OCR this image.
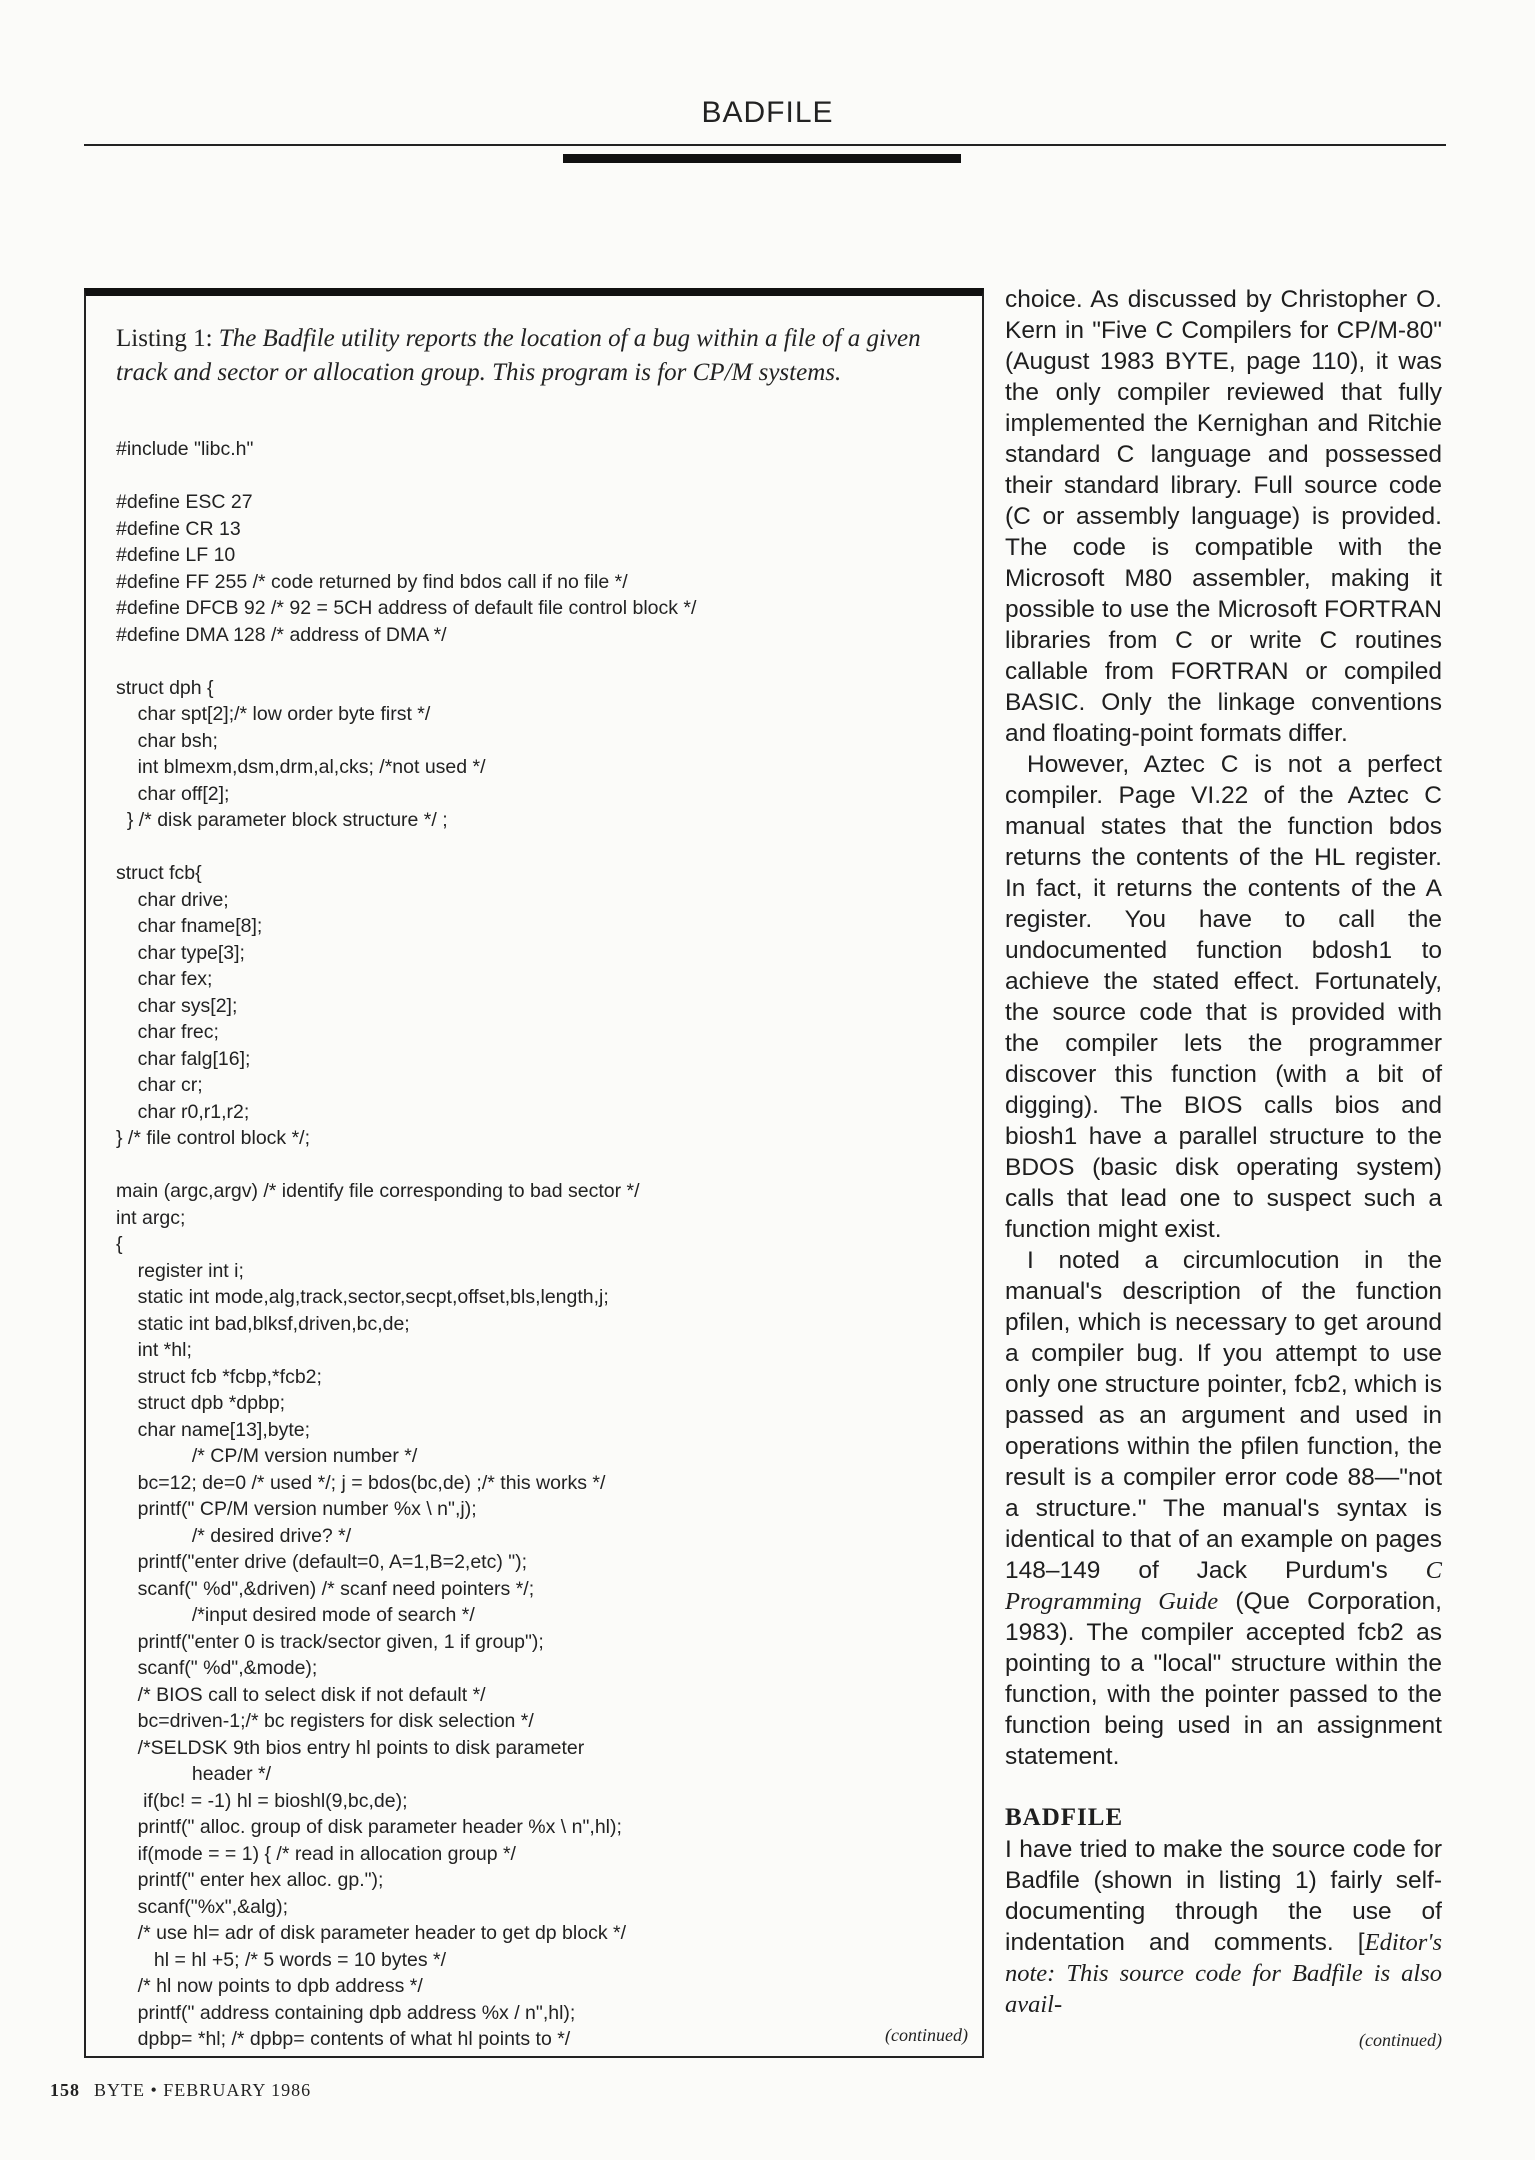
BADFILE
Listing 1: The Badfile utility reports the location of a bug within a file of a given track and sector or allocation group. This program is for CP/M systems.
#include "libc.h"

#define ESC 27
#define CR 13
#define LF 10
#define FF 255 /* code returned by find bdos call if no file */
#define DFCB 92 /* 92 = 5CH address of default file control block */
#define DMA 128 /* address of DMA */

struct dph {
char spt[2];/* low order byte first */
char bsh;
int blmexm,dsm,drm,al,cks; /*not used */
char off[2];
} /* disk parameter block structure */ ;

struct fcb{
char drive;
char fname[8];
char type[3];
char fex;
char sys[2];
char frec;
char falg[16];
char cr;
char r0,r1,r2;
} /* file control block */;

main (argc,argv) /* identify file corresponding to bad sector */
int argc;
{
register int i;
static int mode,alg,track,sector,secpt,offset,bls,length,j;
static int bad,blksf,driven,bc,de;
int *hl;
struct fcb *fcbp,*fcb2;
struct dpb *dpbp;
char name[13],byte;
/* CP/M version number */
bc=12; de=0 /* used */; j = bdos(bc,de) ;/* this works */
printf(" CP/M version number %x \ n",j);
/* desired drive? */
printf("enter drive (default=0, A=1,B=2,etc) ");
scanf(" %d",&driven) /* scanf need pointers */;
/*input desired mode of search */
printf("enter 0 is track/sector given, 1 if group");
scanf(" %d",&mode);
/* BIOS call to select disk if not default */
bc=driven-1;/* bc registers for disk selection */
/*SELDSK 9th bios entry hl points to disk parameter
header */
if(bc! = -1) hl = bioshl(9,bc,de);
printf(" alloc. group of disk parameter header %x \ n",hl);
if(mode = = 1) { /* read in allocation group */
printf(" enter hex alloc. gp.");
scanf("%x",&alg);
/* use hl= adr of disk parameter header to get dp block */
hl = hl +5; /* 5 words = 10 bytes */
/* hl now points to dpb address */
printf(" address containing dpb address %x / n",hl);
dpbp= *hl; /* dpbp= contents of what hl points to */	(continued)

choice. As discussed by Christopher O. Kern in "Five C Compilers for CP/M-80" (August 1983 BYTE, page 110), it was the only compiler reviewed that fully implemented the Kernighan and Ritchie standard C language and possessed their standard library. Full source code (C or assembly language) is provided. The code is compatible with the Microsoft M80 assembler, making it possible to use the Microsoft FORTRAN libraries from C or write C routines callable from FORTRAN or compiled BASIC. Only the linkage conventions and floating-point formats differ.

However, Aztec C is not a perfect compiler. Page VI.22 of the Aztec C manual states that the function bdos returns the contents of the HL register. In fact, it returns the contents of the A register. You have to call the undocumented function bdosh1 to achieve the stated effect. Fortunately, the source code that is provided with the compiler lets the programmer discover this function (with a bit of digging). The BIOS calls bios and biosh1 have a parallel structure to the BDOS (basic disk operating system) calls that lead one to suspect such a function might exist.

I noted a circumlocution in the manual's description of the function pfilen, which is necessary to get around a compiler bug. If you attempt to use only one structure pointer, fcb2, which is passed as an argument and used in operations within the pfilen function, the result is a compiler error code 88—"not a structure." The manual's syntax is identical to that of an example on pages 148–149 of Jack Purdum's C Programming Guide (Que Corporation, 1983). The compiler accepted fcb2 as pointing to a "local" structure within the function, with the pointer passed to the function being used in an assignment statement.

BADFILE

I have tried to make the source code for Badfile (shown in listing 1) fairly self-documenting through the use of indentation and comments. [Editor's note: This source code for Badfile is also avail-

(continued)
158 BYTE • FEBRUARY 1986
